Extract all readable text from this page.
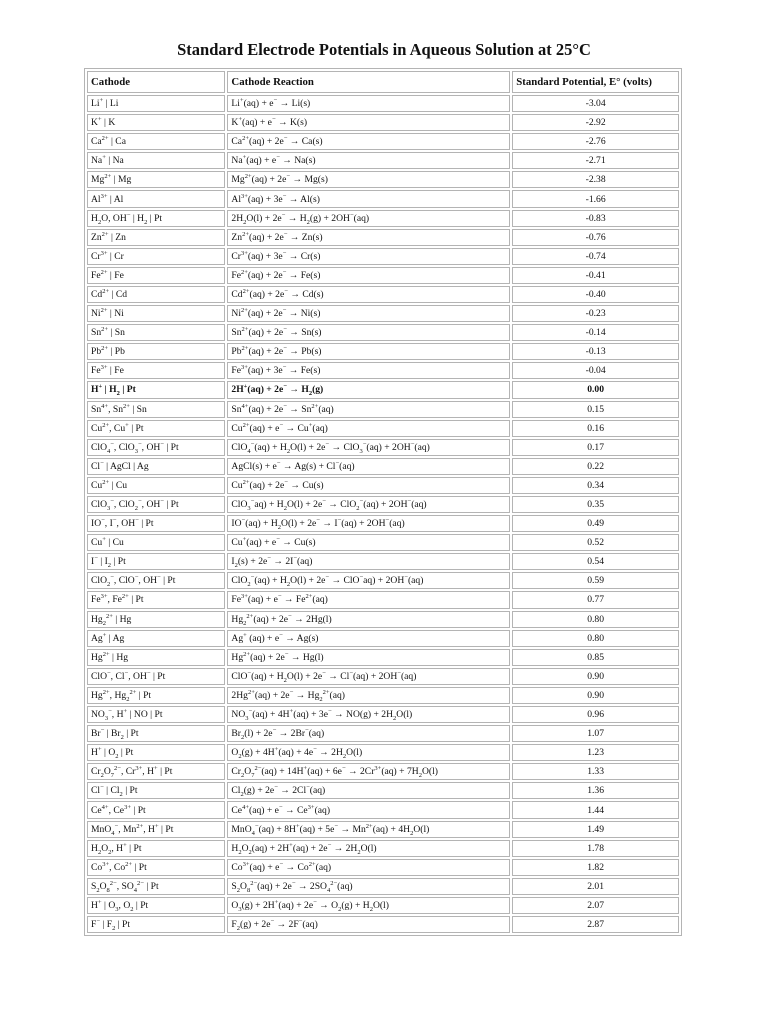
Standard Electrode Potentials in Aqueous Solution at 25°C
Cathode	Cathode Reaction	Standard Potential, E° (volts)
Li+ | Li	Li+(aq) + e− → Li(s)	-3.04
K+ | K	K+(aq) + e− → K(s)	-2.92
$Ca^{2+}$ | Ca	$Ca^{2+}(aq) + 2e^- \to Ca(s)$	-2.76
Na+ | Na	Na+(aq) + e− → Na(s)	-2.71
$Mg^{2+}$ | Mg	$Mg^{2+}(aq) + 2e^- \to Mg(s)$	-2.38
$Al^{3+}$ | Al	$Al^{3+}(aq) + 3e^- \to Al(s)$	-1.66
$H_2O$, OH− | $H_2$ | Pt	$2H_2O(l) + 2e^- \to H_2(g) + 2OH^-(aq)$	-0.83
$Zn^{2+}$ | Zn	$Zn^{2+}(aq) + 2e^- \to Zn(s)$	-0.76
$Cr^{3+}$ | Cr	$Cr^{3+}(aq) + 3e^- \to Cr(s)$	-0.74
$Fe^{2+}$ | Fe	$Fe^{2+}(aq) + 2e^- \to Fe(s)$	-0.41
$Cd^{2+}$ | Cd	$Cd^{2+}(aq) + 2e^- \to Cd(s)$	-0.40
$Ni^{2+}$ | Ni	$Ni^{2+}(aq) + 2e^- \to Ni(s)$	-0.23
$Sn^{2+}$ | Sn	$Sn^{2+}(aq) + 2e^- \to Sn(s)$	-0.14
$Pb^{2+}$ | Pb	$Pb^{2+}(aq) + 2e^- \to Pb(s)$	-0.13
$Fe^{3+}$ | Fe	$Fe^{3+}(aq) + 3e^- \to Fe(s)$	-0.04
H+ | $H_2$ | Pt	$2H^+(aq) + 2e^- \to H_2(g)$	0.00
$Sn^{4+}$, $Sn^{2+}$ | Sn	$Sn^{4+}(aq) + 2e^- \to Sn^{2+}(aq)$	0.15
$Cu^{2+}$, Cu+ | Pt	$Cu^{2+}(aq) + e^- \to Cu^+(aq)$	0.16
ClO$_4$−, ClO$_3$−, OH− | Pt	$ClO_4^-(aq) + H_2O(l) + 2e^- \to ClO_3^-(aq) + 2OH^-(aq)$	0.17
Cl− | AgCl | Ag	AgCl(s) + e− → Ag(s) + Cl−(aq)	0.22
$Cu^{2+}$ | Cu	$Cu^{2+}(aq) + 2e^- \to Cu(s)$	0.34
ClO$_3$−, ClO$_2$−, OH− | Pt	$ClO_3^-aq) + H_2O(l) + 2e^- \to ClO_2^-(aq) + 2OH^-(aq)$	0.35
IO−, I−, OH− | Pt	$IO^-(aq) + H_2O(l) + 2e^- \to I^-(aq) + 2OH^-(aq)$	0.49
Cu+ | Cu	Cu+(aq) + e− → Cu(s)	0.52
I− | $I_2$ | Pt	$I_2(s) + 2e^- \to 2I^-(aq)$	0.54
ClO$_2$−, ClO−, OH− | Pt	$ClO_2^-(aq) + H_2O(l) + 2e^- \to ClO^-aq) + 2OH^-(aq)$	0.59
$Fe^{3+}$, $Fe^{2+}$ | Pt	$Fe^{3+}(aq) + e^- \to Fe^{2+}(aq)$	0.77
$Hg_2^{2+}$ | Hg	$Hg_2^{2+}(aq) + 2e^- \to 2Hg(l)$	0.80
Ag+ | Ag	Ag+ (aq) + e− → Ag(s)	0.80
$Hg^{2+}$ | Hg	$Hg^{2+}(aq) + 2e^- \to Hg(l)$	0.85
ClO−, Cl−, OH− | Pt	$ClO^-(aq) + H_2O(l) + 2e^- \to Cl^-(aq) + 2OH^-(aq)$	0.90
$Hg^{2+}$, $Hg_2^{2+}$ | Pt	$2Hg^{2+}(aq) + 2e^- \to Hg_2^{2+}(aq)$	0.90
$NO_3^-$, H+ | NO | Pt	$NO_3^-(aq) + 4H^+(aq) + 3e^- \to NO(g) + 2H_2O(l)$	0.96
Br− | $Br_2$ | Pt	$Br_2(l) + 2e^- \to 2Br^-(aq)$	1.07
H+ | $O_2$ | Pt	$O_2(g) + 4H^+(aq) + 4e^- \to 2H_2O(l)$	1.23
$Cr_2O_7^{2-}$, $Cr^{3+}$, H+ | Pt	$Cr_2O_7^{2-}(aq) + 14H^+(aq) + 6e^- \to 2Cr^{3+}(aq) + 7H_2O(l)$	1.33
Cl− | $Cl_2$ | Pt	$Cl_2(g) + 2e^- \to 2Cl^-(aq)$	1.36
$Ce^{4+}$, $Ce^{3+}$ | Pt	$Ce^{4+}(aq) + e^- \to Ce^{3+}(aq)$	1.44
MnO$_4$−, $Mn^{2+}$, H+ | Pt	$MnO_4^-(aq) + 8H^+(aq) + 5e^- \to Mn^{2+}(aq) + 4H_2O(l)$	1.49
$H_2O_2$, H+ | Pt	$H_2O_2(aq) + 2H^+(aq) + 2e^- \to 2H_2O(l)$	1.78
$Co^{3+}$, $Co^{2+}$ | Pt	$Co^{3+}(aq) + e^- \to Co^{2+}(aq)$	1.82
$S_2O_8^{2-}$, $SO_4^{2-}$ | Pt	$S_2O_8^{2-}(aq) + 2e^- \to 2SO_4^{2-}(aq)$	2.01
H+ | $O_3$, $O_2$ | Pt	$O_3(g) + 2H^+(aq) + 2e^- \to O_2(g) + H_2O(l)$	2.07
F− | $F_2$ | Pt	$F_2(g) + 2e^- \to 2F^-(aq)$	2.87
